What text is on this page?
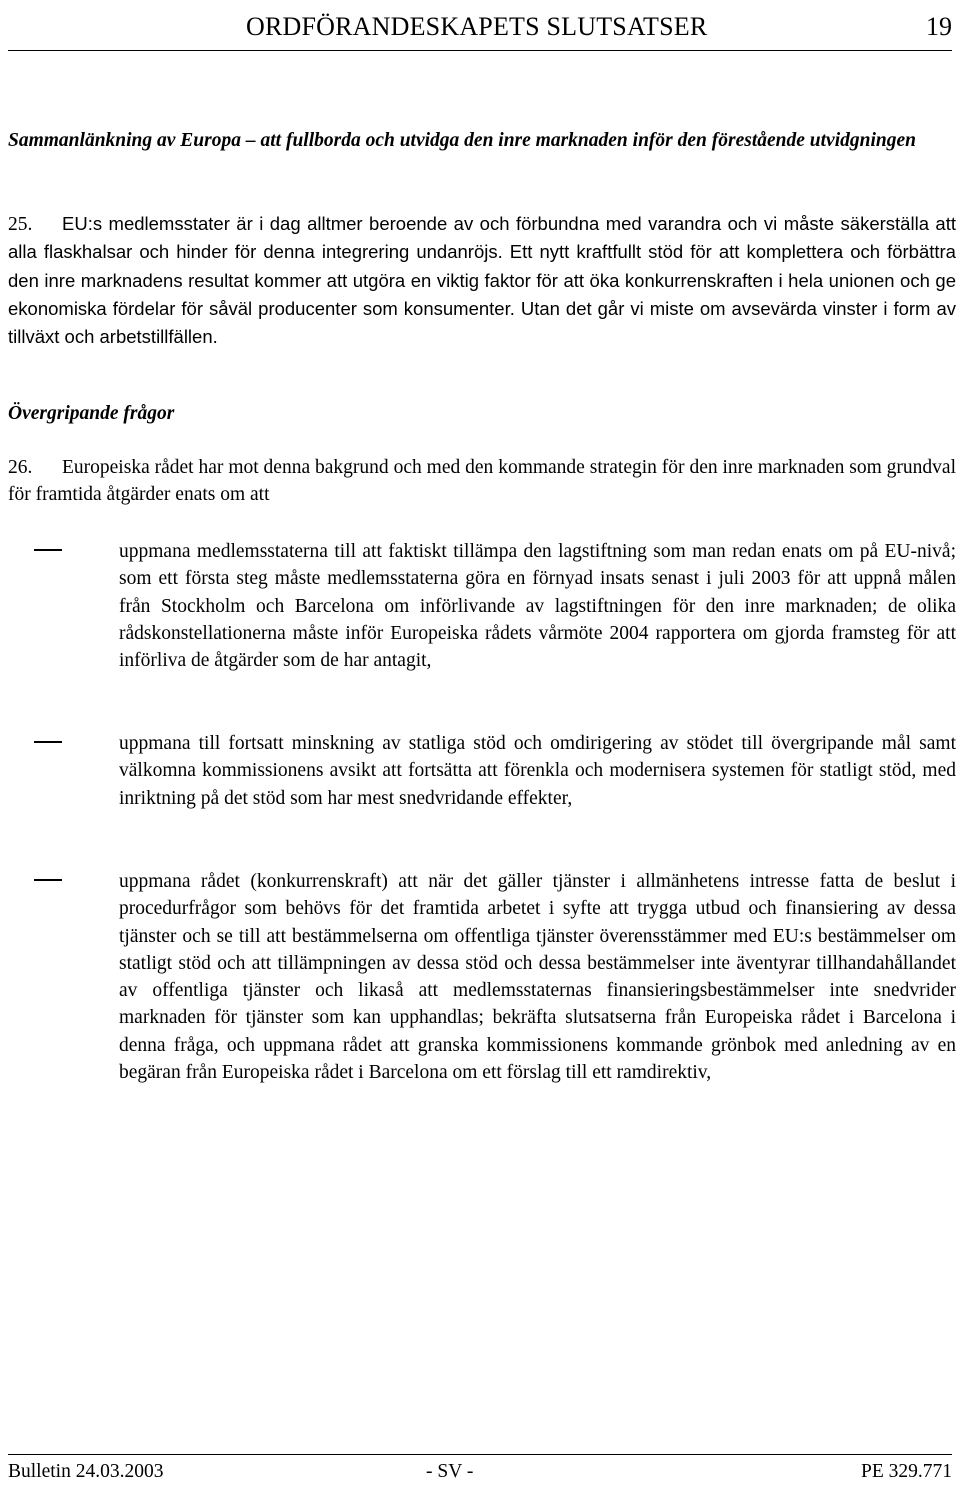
ORDFÖRANDESKAPETS SLUTSATSER	19
Sammanlänkning av Europa – att fullborda och utvidga den inre marknaden inför den förestående utvidgningen
25. EU:s medlemsstater är i dag alltmer beroende av och förbundna med varandra och vi måste säkerställa att alla flaskhalsar och hinder för denna integrering undanröjs. Ett nytt kraftfullt stöd för att komplettera och förbättra den inre marknadens resultat kommer att utgöra en viktig faktor för att öka konkurrenskraften i hela unionen och ge ekonomiska fördelar för såväl producenter som konsumenter. Utan det går vi miste om avsevärda vinster i form av tillväxt och arbetstillfällen.
Övergripande frågor
26. Europeiska rådet har mot denna bakgrund och med den kommande strategin för den inre marknaden som grundval för framtida åtgärder enats om att
uppmana medlemsstaterna till att faktiskt tillämpa den lagstiftning som man redan enats om på EU-nivå; som ett första steg måste medlemsstaterna göra en förnyad insats senast i juli 2003 för att uppnå målen från Stockholm och Barcelona om införlivande av lagstiftningen för den inre marknaden; de olika rådskonstellationerna måste inför Europeiska rådets vårmöte 2004 rapportera om gjorda framsteg för att införliva de åtgärder som de har antagit,
uppmana till fortsatt minskning av statliga stöd och omdirigering av stödet till övergripande mål samt välkomna kommissionens avsikt att fortsätta att förenkla och modernisera systemen för statligt stöd, med inriktning på det stöd som har mest snedvridande effekter,
uppmana rådet (konkurrenskraft) att när det gäller tjänster i allmänhetens intresse fatta de beslut i procedurfrågor som behövs för det framtida arbetet i syfte att trygga utbud och finansiering av dessa tjänster och se till att bestämmelserna om offentliga tjänster överensstämmer med EU:s bestämmelser om statligt stöd och att tillämpningen av dessa stöd och dessa bestämmelser inte äventyrar tillhandahållandet av offentliga tjänster och likaså att medlemsstaternas finansieringsbestämmelser inte snedvrider marknaden för tjänster som kan upphandlas; bekräfta slutsatserna från Europeiska rådet i Barcelona i denna fråga, och uppmana rådet att granska kommissionens kommande grönbok med anledning av en begäran från Europeiska rådet i Barcelona om ett förslag till ett ramdirektiv,
Bulletin 24.03.2003	- SV -	PE 329.771
